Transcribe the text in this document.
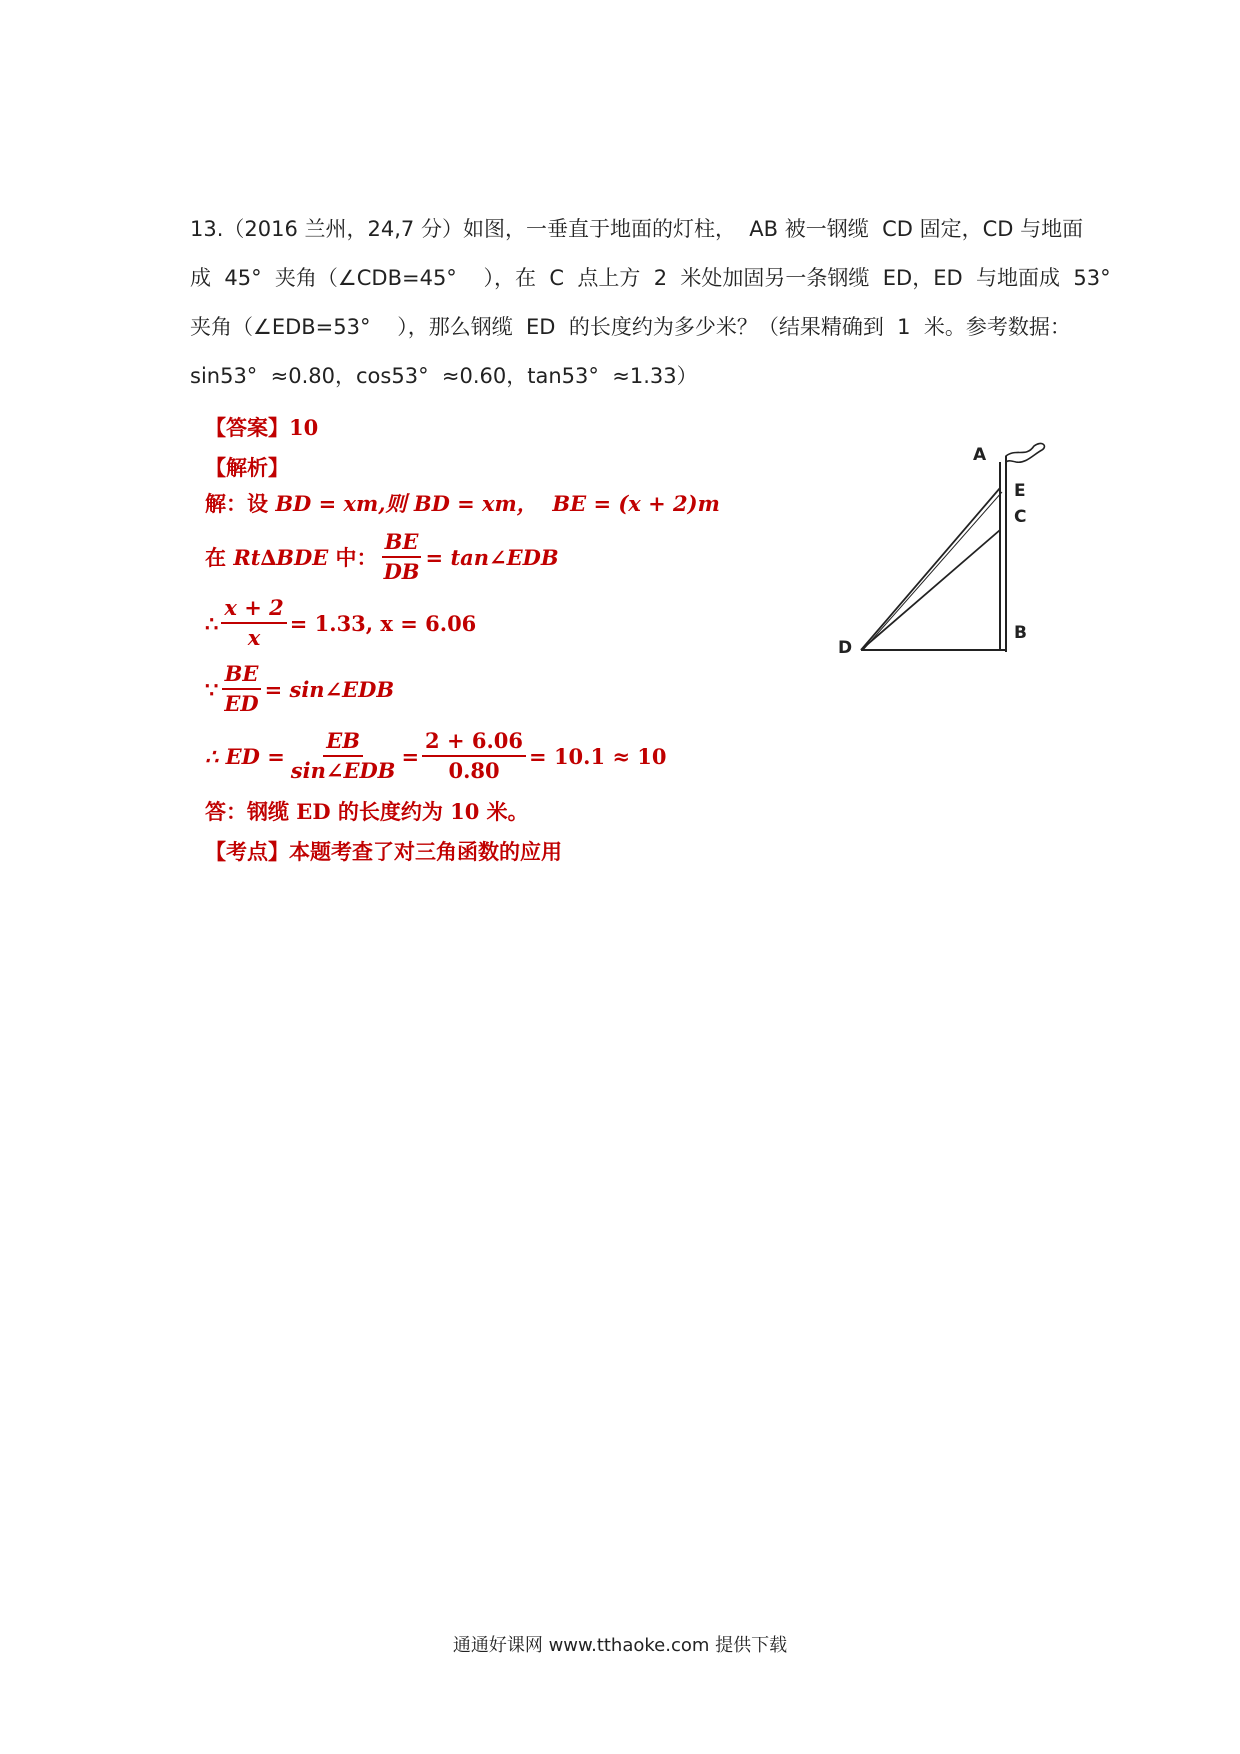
13.（2016 兰州，24,7 分）如图，一垂直于地面的灯柱，  AB 被一钢缆  CD 固定，CD 与地面

成  45°  夹角（∠CDB=45°    ），在  C  点上方  2  米处加固另一条钢缆  ED，ED  与地面成  53°

夹角（∠EDB=53°    ），那么钢缆  ED  的长度约为多少米？（结果精确到  1  米。参考数据：

sin53°  ≈0.80，cos53°  ≈0.60，tan53°  ≈1.33）

【答案】10
【解析】
解：设 BD = xm,则 BD = xm，  BE = (x + 2)m
在 Rt∆BDE 中： $\frac{BE}{DB}$ = tan∠EDB
∴ $\frac{x + 2}{x} = 1.33$, x = 6.06
∵ $\frac{BE}{ED}$ = sin∠EDB
∴ ED = $\frac{EB}{\text{sin∠EDB}} = \frac{2 + 6.06}{0.80} = 10.1 \approx 10$
答：钢缆 ED 的长度约为 10 米。
【考点】本题考查了对三角函数的应用
A
E
C
B
D
通通好课网 www.tthaoke.com 提供下载
